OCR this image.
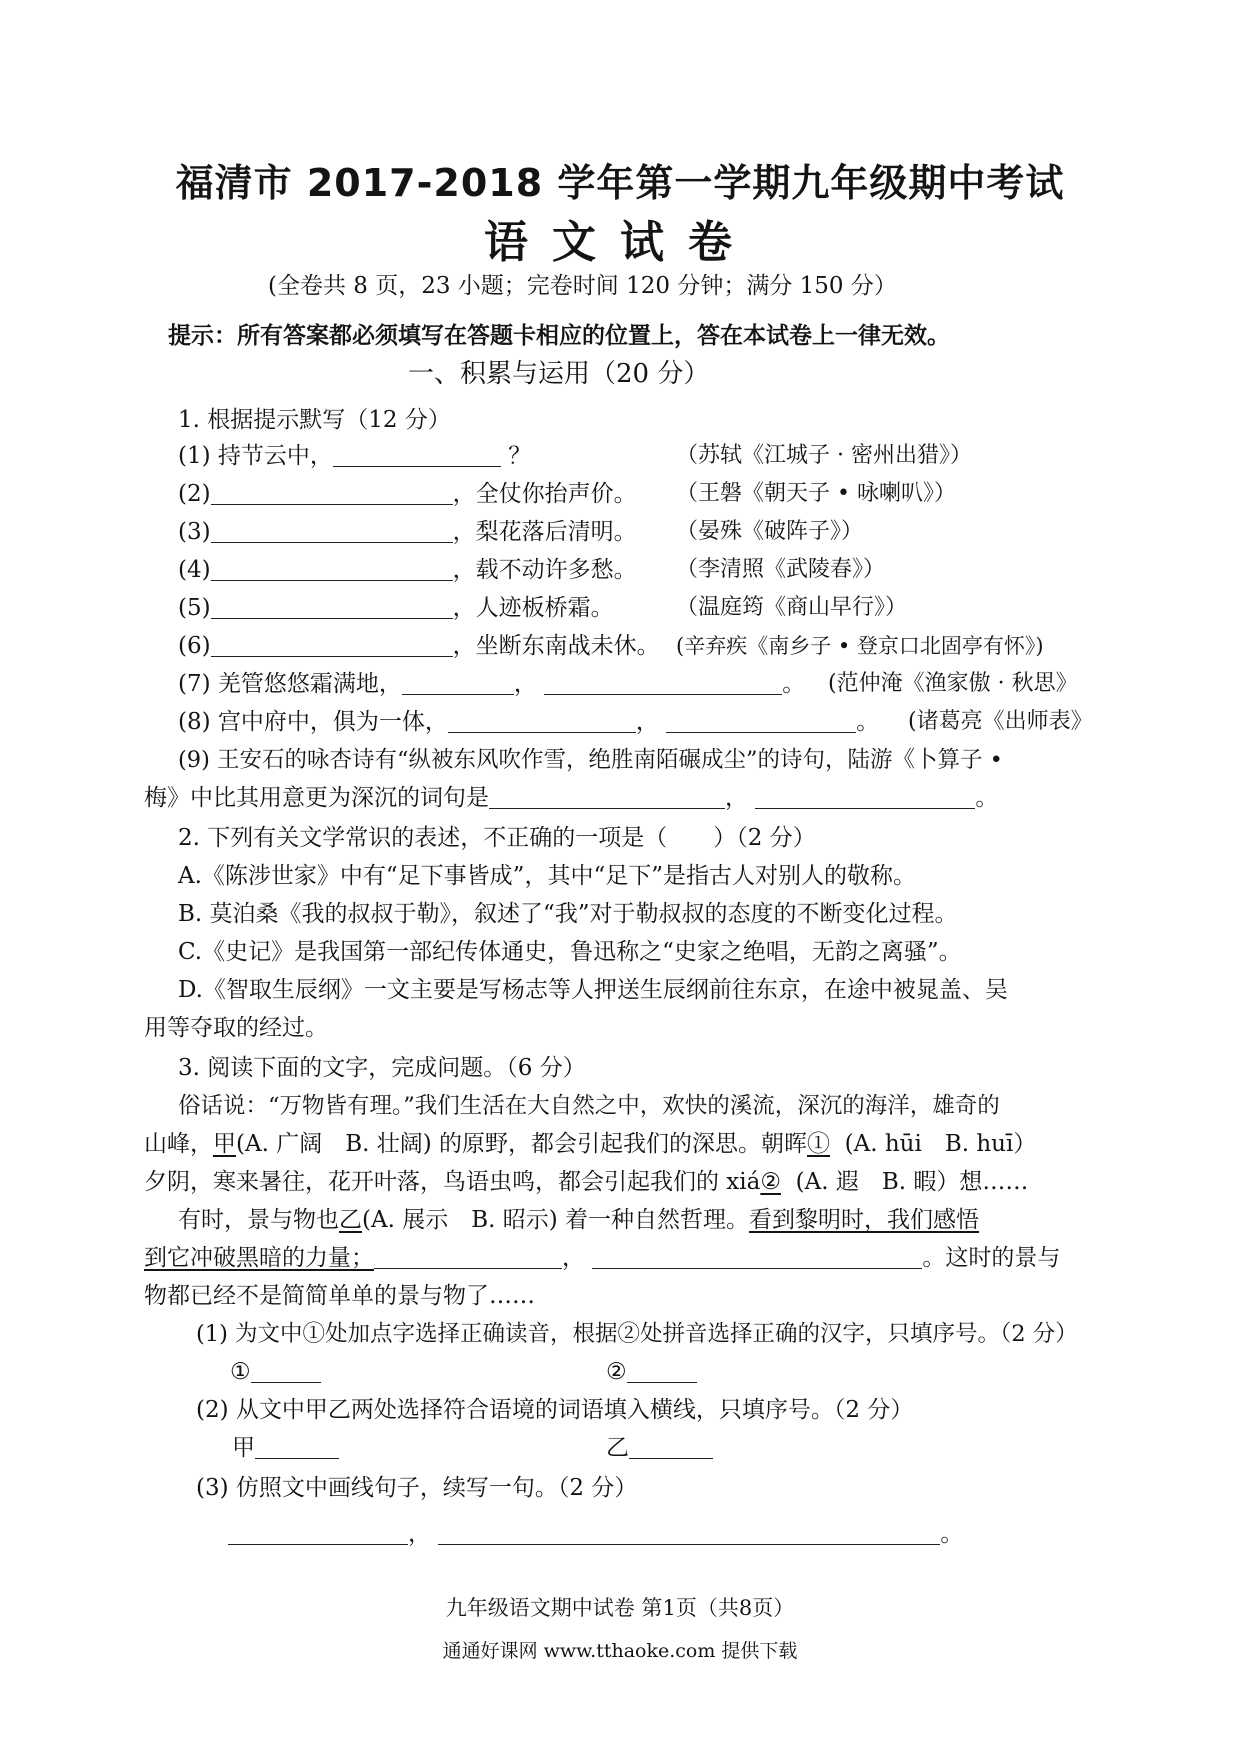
福清市 2017-2018 学年第一学期九年级期中考试
语文试卷
(全卷共 8 页，23 小题；完卷时间 120 分钟；满分 150 分）
提示：所有答案都必须填写在答题卡相应的位置上，答在本试卷上一律无效。
一、积累与运用（20 分）
1. 根据提示默写（12 分）
(1) 持节云中，	？	（苏轼《江城子 · 密州出猎》）
(2)	，全仗你抬声价。 （王磐《朝天子 • 咏喇叭》）
(3)	，梨花落后清明。 （晏殊《破阵子》）
(4)	，载不动许多愁。 （李清照《武陵春》）
(5)	，人迹板桥霜。	（温庭筠《商山早行》）
(6)	，坐断东南战未休。 (辛弃疾《南乡子 • 登京口北固亭有怀》)
(7) 羌管悠悠霜满地，	，	。 (范仲淹《渔家傲 · 秋思》
(8) 宫中府中，俱为一体，	，	。 (诸葛亮《出师表》
(9) 王安石的咏杏诗有“纵被东风吹作雪，绝胜南陌碾成尘”的诗句，陆游《卜算子 •
梅》中比其用意更为深沉的词句是	，	。
2. 下列有关文学常识的表述，不正确的一项是（　　）（2 分）
A.《陈涉世家》中有“足下事皆成”，其中“足下”是指古人对别人的敬称。
B. 莫泊桑《我的叔叔于勒》，叙述了“我”对于勒叔叔的态度的不断变化过程。
C.《史记》是我国第一部纪传体通史，鲁迅称之“史家之绝唱，无韵之离骚”。
D.《智取生辰纲》一文主要是写杨志等人押送生辰纲前往东京，在途中被晁盖、吴
用等夺取的经过。
3. 阅读下面的文字，完成问题。（6 分）
俗话说：“万物皆有理。”我们生活在大自然之中，欢快的溪流，深沉的海洋，雄奇的
山峰，甲(A. 广阔　B. 壮阔) 的原野，都会引起我们的深思。朝晖① (A. hūi　B. huī）
夕阴，寒来暑往，花开叶落，鸟语虫鸣，都会引起我们的 xiá② (A. 遐　B. 暇）想……
有时，景与物也乙(A. 展示　B. 昭示) 着一种自然哲理。看到黎明时，我们感悟
到它冲破黑暗的力量；	，	。这时的景与
物都已经不是简简单单的景与物了……
(1) 为文中①处加点字选择正确读音，根据②处拼音选择正确的汉字，只填序号。（2 分）
①	②
(2) 从文中甲乙两处选择符合语境的词语填入横线，只填序号。（2 分）
甲	乙
(3) 仿照文中画线句子，续写一句。（2 分）
，	。
九年级语文期中试卷 第1页（共8页）
通通好课网 www.tthaoke.com 提供下载
